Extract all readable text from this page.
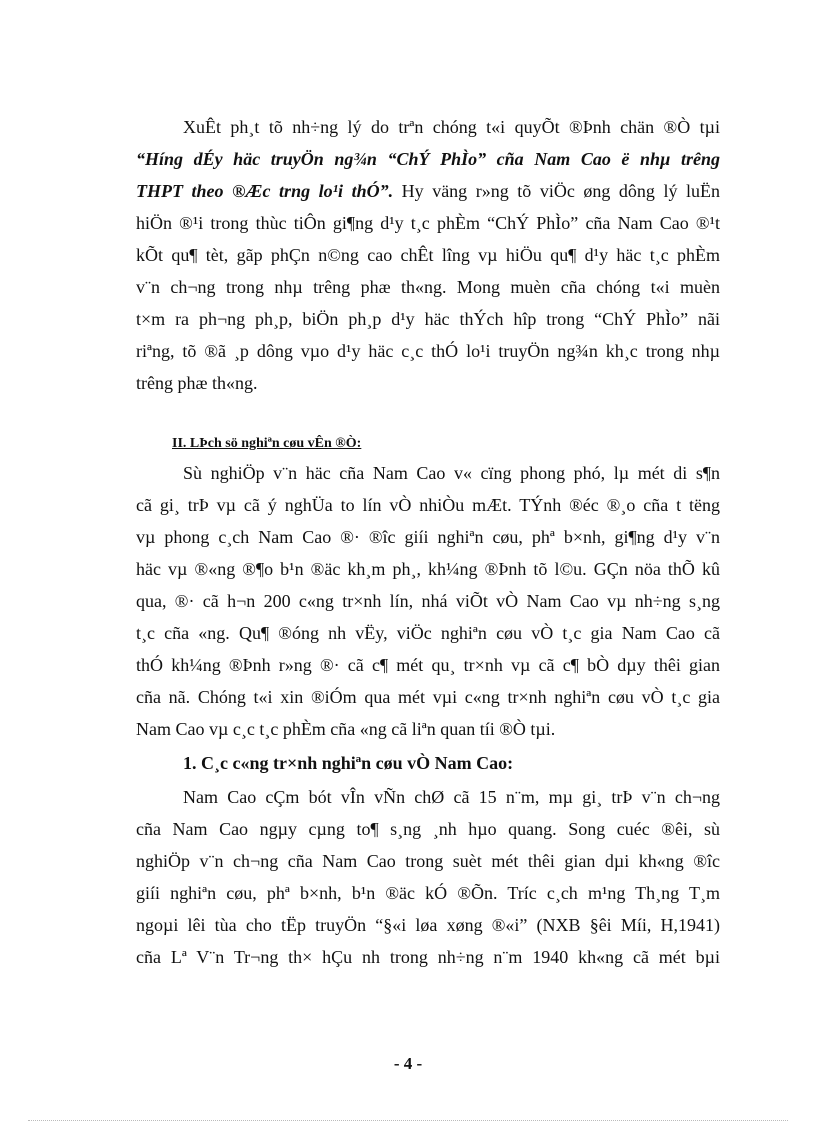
XuÊt ph¸t tõ nh÷ng lý do trªn chóng t«i quyÕt ®Þnh chän ®Ò tµi
“Híng dÉy häc truyÖn ng¾n “ChÝ PhÌo” cña Nam Cao ë nhµ trêng
THPT theo ®Æc trng lo¹i thÓ”. Hy väng r»ng tõ viÖc øng dông lý luËn
hiÖn ®¹i trong thùc tiÔn gi¶ng d¹y t¸c phÈm “ChÝ PhÌo” cña Nam Cao ®¹t
kÕt qu¶ tèt, gãp phÇn n©ng cao chÊt lîng vµ hiÖu qu¶ d¹y häc t¸c phÈm
v¨n ch¬ng trong nhµ trêng phæ th«ng. Mong muèn cña chóng t«i muèn
t×m ra ph¬ng ph¸p, biÖn ph¸p d¹y häc thÝch hîp trong “ChÝ PhÌo” nãi
riªng, tõ ®ã ¸p dông vµo d¹y häc c¸c thÓ lo¹i truyÖn ng¾n kh¸c trong nhµ
trêng phæ th«ng.
II. LÞch sö nghiªn cøu vÊn ®Ò:
Sù nghiÖp v¨n häc cña Nam Cao v« cïng phong phó, lµ mét di s¶n
cã gi¸ trÞ vµ cã ý nghÜa to lín vÒ nhiÒu mÆt. TÝnh ®éc ®¸o cña t tëng
vµ phong c¸ch Nam Cao ®· ®îc giíi nghiªn cøu, phª b×nh, gi¶ng d¹y v¨n
häc vµ ®«ng ®¶o b¹n ®äc kh¸m ph¸, kh¼ng ®Þnh tõ l©u. GÇn nöa thÕ kû
qua, ®· cã h¬n 200 c«ng tr×nh lín, nhá viÕt vÒ Nam Cao vµ nh÷ng s¸ng
t¸c cña «ng. Qu¶ ®óng nh vËy, viÖc nghiªn cøu vÒ t¸c gia Nam Cao cã
thÓ kh¼ng ®Þnh r»ng ®· cã c¶ mét qu¸ tr×nh vµ cã c¶ bÒ dµy thêi gian
cña nã. Chóng t«i xin ®iÓm qua mét vµi c«ng tr×nh nghiªn cøu vÒ t¸c gia
Nam Cao vµ c¸c t¸c phÈm cña «ng cã liªn quan tíi ®Ò tµi.
1. C¸c c«ng tr×nh nghiªn cøu vÒ Nam Cao:
Nam Cao cÇm bót vÎn vÑn chØ cã 15 n¨m, mµ gi¸ trÞ v¨n ch¬ng
cña Nam Cao ngµy cµng to¶ s¸ng ¸nh hµo quang. Song cuéc ®êi, sù
nghiÖp v¨n ch¬ng cña Nam Cao trong suèt mét thêi gian dµi kh«ng ®îc
giíi nghiªn cøu, phª b×nh, b¹n ®äc kÓ ®Õn. Tríc c¸ch m¹ng Th¸ng T¸m
ngoµi lêi tùa cho tËp truyÖn “§«i løa xøng ®«i” (NXB §êi Míi, H,1941)
cña Lª V¨n Tr¬ng th× hÇu nh trong nh÷ng n¨m 1940 kh«ng cã mét bµi
- 4 -
